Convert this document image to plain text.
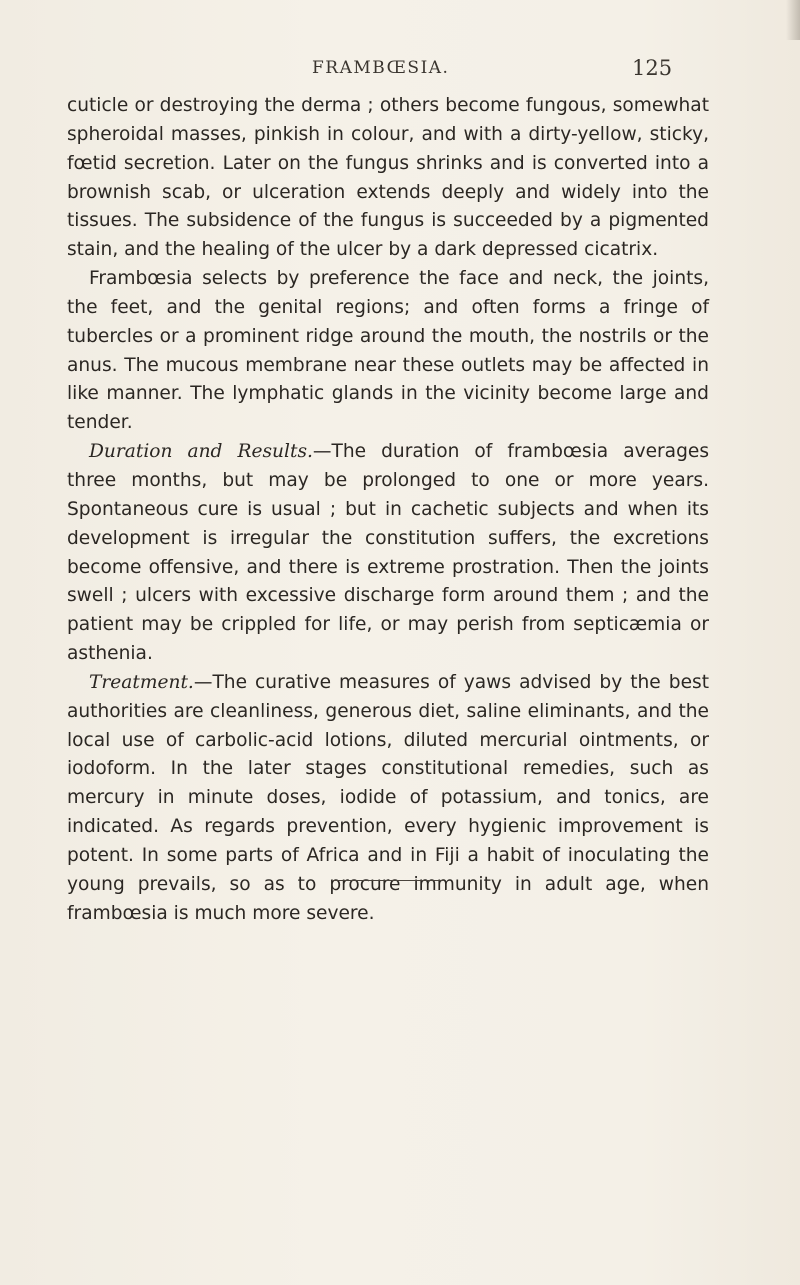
FRAMBŒSIA.	125

cuticle or destroying the derma ; others become fungous, somewhat spheroidal masses, pinkish in colour, and with a dirty-yellow, sticky, fœtid secretion. Later on the fungus shrinks and is converted into a brownish scab, or ulceration extends deeply and widely into the tissues. The subsidence of the fungus is succeeded by a pigmented stain, and the healing of the ulcer by a dark depressed cicatrix.

Frambœsia selects by preference the face and neck, the joints, the feet, and the genital regions; and often forms a fringe of tubercles or a prominent ridge around the mouth, the nostrils or the anus. The mucous membrane near these outlets may be affected in like manner. The lymphatic glands in the vicinity become large and tender.

Duration and Results.—The duration of frambœsia averages three months, but may be prolonged to one or more years. Spontaneous cure is usual ; but in cachetic subjects and when its development is irregular the constitution suffers, the excretions become offensive, and there is extreme prostration. Then the joints swell ; ulcers with excessive discharge form around them ; and the patient may be crippled for life, or may perish from septicæmia or asthenia.

Treatment.—The curative measures of yaws advised by the best authorities are cleanliness, generous diet, saline eliminants, and the local use of carbolic-acid lotions, diluted mercurial ointments, or iodoform. In the later stages constitutional remedies, such as mercury in minute doses, iodide of potassium, and tonics, are indicated. As regards prevention, every hygienic improvement is potent. In some parts of Africa and in Fiji a habit of inoculating the young prevails, so as to procure immunity in adult age, when frambœsia is much more severe.
